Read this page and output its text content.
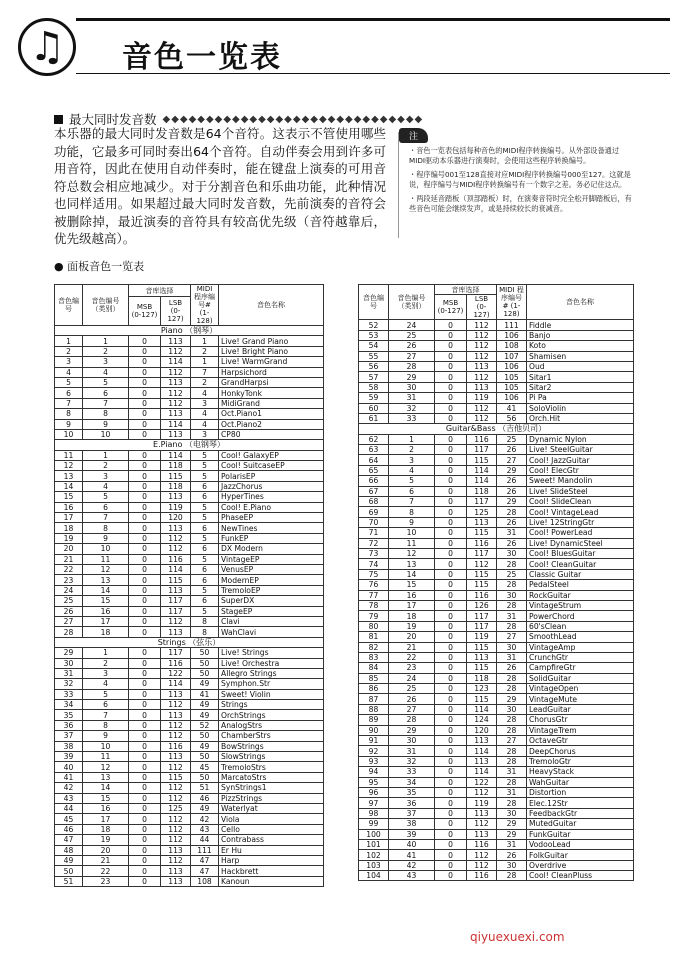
♫	音色一览表
最大同时发音数 ◆◆◆◆◆◆◆◆◆◆◆◆◆◆◆◆◆◆◆◆◆◆◆◆◆◆◆◆◆◆
本乐器的最大同时发音数是64个音符。这表示不管使用哪些功能，它最多可同时奏出64个音符。自动伴奏会用到许多可用音符，因此在使用自动伴奏时，能在键盘上演奏的可用音符总数会相应地减少。对于分割音色和乐曲功能，此种情况也同样适用。如果超过最大同时发音数，先前演奏的音符会被删除掉，最近演奏的音符具有较高优先级（音符越靠后，优先级越高）。
注

・音色一览表包括每种音色的MIDI程序转换编号。从外部设备通过MIDI驱动本乐器进行演奏时，会使用这些程序转换编号。

・程序编号001至128直接对应MIDI程序转换编号000至127。这就是说，程序编号与MIDI程序转换编号有一个数字之差。务必记住这点。

・两段延音踏板（顶部踏板）时，在演奏音符时完全松开脚踏板后，有些音色可能会继续发声，或是持续较长的衰减音。

● 面板音色一览表
音色编号	音色编号（类别）	音库选择		MIDI 程序编号# (1-128)	音色名称
		MSB (0-127)	LSB (0-127)		
Piano （钢琴）					
1	1	0	113	1	Live! Grand Piano
2	2	0	112	2	Live! Bright Piano
3	3	0	114	1	Live! WarmGrand
4	4	0	112	7	Harpsichord
5	5	0	113	2	GrandHarpsi
6	6	0	112	4	HonkyTonk
7	7	0	112	3	MidiGrand
8	8	0	113	4	Oct.Piano1
9	9	0	114	4	Oct.Piano2
10	10	0	113	3	CP80
E.Piano （电钢琴）					
11	1	0	114	5	Cool! GalaxyEP
12	2	0	118	5	Cool! SuitcaseEP
13	3	0	115	5	PolarisEP
14	4	0	118	6	JazzChorus
15	5	0	113	6	HyperTines
16	6	0	119	5	Cool! E.Piano
17	7	0	120	5	PhaseEP
18	8	0	113	6	NewTines
19	9	0	112	5	FunkEP
20	10	0	112	6	DX Modern
21	11	0	116	5	VintageEP
22	12	0	114	6	VenusEP
23	13	0	115	6	ModernEP
24	14	0	113	5	TremoloEP
25	15	0	117	6	SuperDX
26	16	0	117	5	StageEP
27	17	0	112	8	Clavi
28	18	0	113	8	WahClavi
Strings （弦乐）					
29	1	0	117	50	Live! Strings
30	2	0	116	50	Live! Orchestra
31	3	0	122	50	Allegro Strings
32	4	0	114	49	Symphon.Str
33	5	0	113	41	Sweet! Violin
34	6	0	112	49	Strings
35	7	0	113	49	OrchStrings
36	8	0	112	52	AnalogStrs
37	9	0	112	50	ChamberStrs
38	10	0	116	49	BowStrings
39	11	0	113	50	SlowStrings
40	12	0	112	45	TremoloStrs
41	13	0	115	50	MarcatoStrs
42	14	0	112	51	SynStrings1
43	15	0	112	46	PizzStrings
44	16	0	125	49	Waterlyat
45	17	0	112	42	Viola
46	18	0	112	43	Cello
47	19	0	112	44	Contrabass
48	20	0	113	111	Er Hu
49	21	0	112	47	Harp
50	22	0	113	47	Hackbrett
51	23	0	113	108	Kanoun
音色编号	音色编号（类别）	音库选择		MIDI 程序编号# (1-128)	音色名称
		MSB (0-127)	LSB (0-127)		
52	24	0	112	111	Fiddle
53	25	0	112	106	Banjo
54	26	0	112	108	Koto
55	27	0	112	107	Shamisen
56	28	0	113	106	Oud
57	29	0	112	105	Sitar1
58	30	0	113	105	Sitar2
59	31	0	119	106	Pi Pa
60	32	0	112	41	SoloViolin
61	33	0	112	56	Orch.Hit
Guitar&Bass （吉他贝司）					
62	1	0	116	25	Dynamic Nylon
63	2	0	117	26	Live! SteelGuitar
64	3	0	115	27	Cool! JazzGuitar
65	4	0	114	29	Cool! ElecGtr
66	5	0	114	26	Sweet! Mandolin
67	6	0	118	26	Live! SlideSteel
68	7	0	117	29	Cool! SlideClean
69	8	0	125	28	Cool! VintageLead
70	9	0	113	26	Live! 12StringGtr
71	10	0	115	31	Cool! PowerLead
72	11	0	116	26	Live! DynamicSteel
73	12	0	117	30	Cool! BluesGuitar
74	13	0	112	28	Cool! CleanGuitar
75	14	0	115	25	Classic Guitar
76	15	0	115	28	PedalSteel
77	16	0	116	30	RockGuitar
78	17	0	126	28	VintageStrum
79	18	0	117	31	PowerChord
80	19	0	117	28	60'sClean
81	20	0	119	27	SmoothLead
82	21	0	115	30	VintageAmp
83	22	0	113	31	CrunchGtr
84	23	0	115	26	CampfireGtr
85	24	0	118	28	SolidGuitar
86	25	0	123	28	VintageOpen
87	26	0	115	29	VintageMute
88	27	0	114	30	LeadGuitar
89	28	0	124	28	ChorusGtr
90	29	0	120	28	VintageTrem
91	30	0	113	27	OctaveGtr
92	31	0	114	28	DeepChorus
93	32	0	113	28	TremoloGtr
94	33	0	114	31	HeavyStack
95	34	0	122	28	WahGuitar
96	35	0	112	31	Distortion
97	36	0	119	28	Elec.12Str
98	37	0	113	30	FeedbackGtr
99	38	0	112	29	MutedGuitar
100	39	0	113	29	FunkGuitar
101	40	0	116	31	VodooLead
102	41	0	112	26	FolkGuitar
103	42	0	112	30	Overdrive
104	43	0	116	28	Cool! CleanPluss
qiyuexuexi.com
